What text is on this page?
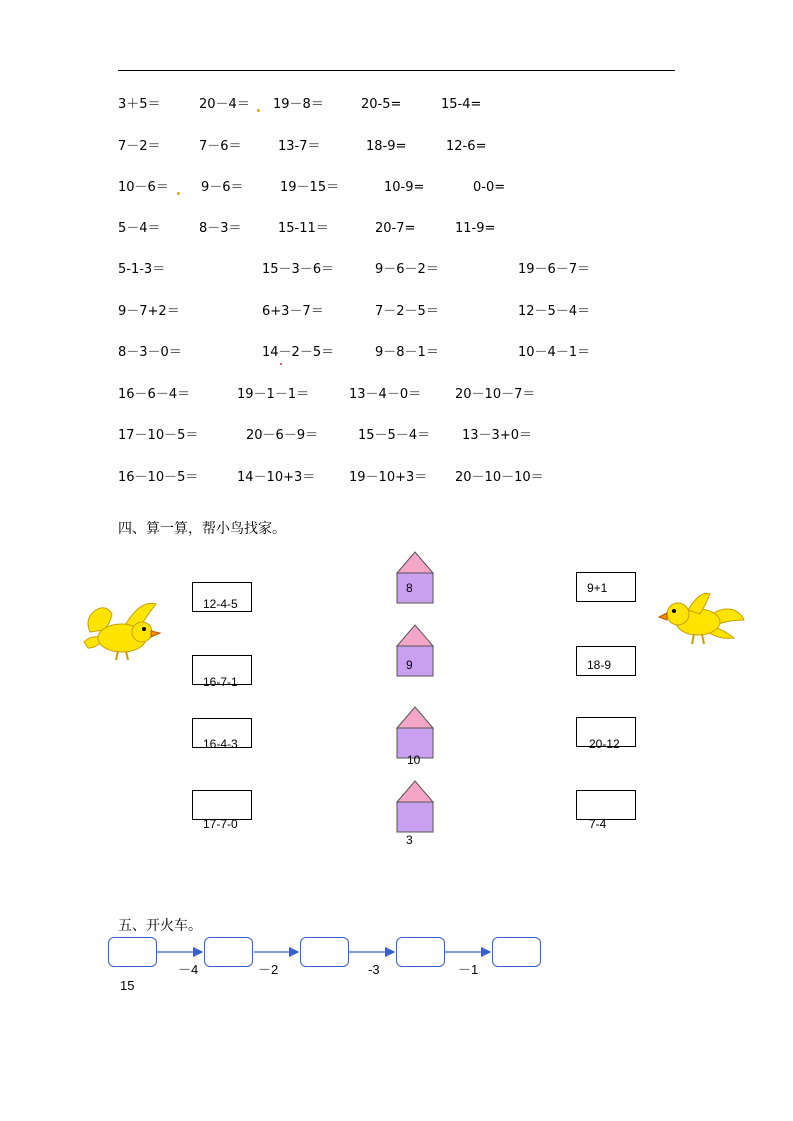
3＋5＝	20－4＝ 19－8＝	20-5=	15-4=
7－2＝	7－6＝	13-7＝	18-9=	12-6=
10－6＝ 9－6＝	19－15＝	10-9=	0-0=
5－4＝	8－3＝	15-11＝	20-7=	11-9=
5-1-3＝	15－3－6＝	9－6－2＝	19－6－7＝
9－7+2＝	6+3－7＝	7－2－5＝	12－5－4＝
8－3－0＝	14－2－5＝	9－8－1＝	10－4－1＝
16－6－4＝	19－1－1＝	13－4－0＝	20－10－7＝
17－10－5＝	20－6－9＝	15－5－4＝ 13－3+0＝
16－10－5＝	14－10+3＝	19－10+3＝ 20－10－10＝
四、算一算，帮小鸟找家。
12-4-5
16-7-1
16-4-3
17-7-0
8
9
10
3
9+1
18-9
20-12
7-4
五、开火车。
－4	－2	-3	－1
15
